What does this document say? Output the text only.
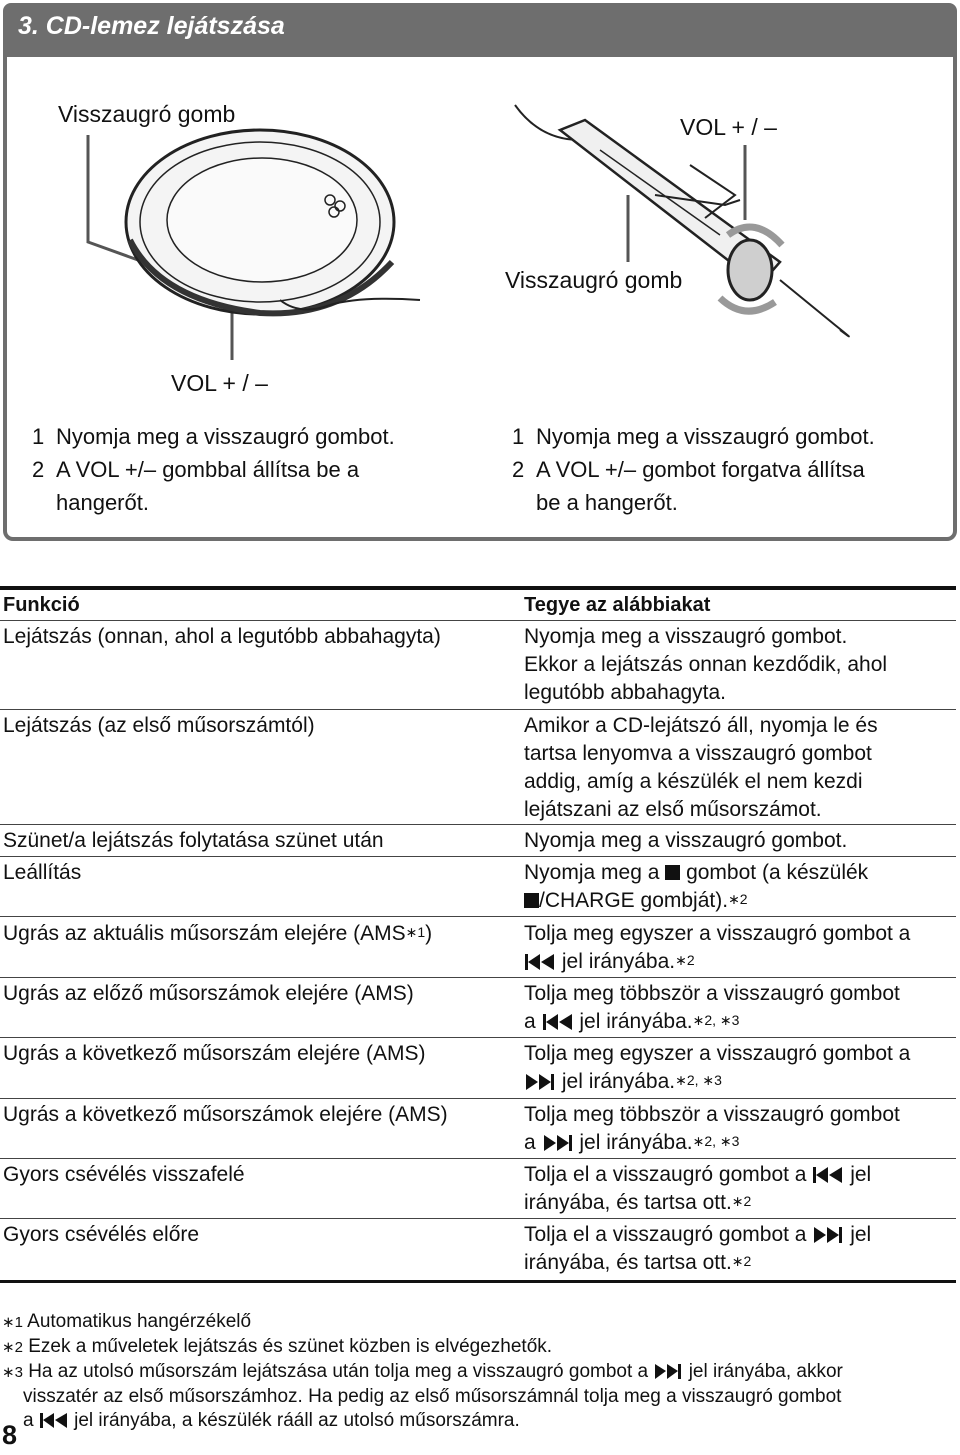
3. CD-lemez lejátszása
Visszaugró gomb
VOL + / –
VOL + / –
Visszaugró gomb
1 Nyomja meg a visszaugró gombot.
2 A VOL +/– gombbal állítsa be a
hangerőt.
1 Nyomja meg a visszaugró gombot.
2 A VOL +/– gombot forgatva állítsa
be a hangerőt.
Funkció	Tegye az alábbiakat
Lejátszás (onnan, ahol a legutóbb abbahagyta)	Nyomja meg a visszaugró gombot.
Ekkor a lejátszás onnan kezdődik, ahol
legutóbb abbahagyta.
Lejátszás (az első műsorszámtól)	Amikor a CD-lejátszó áll, nyomja le és
tartsa lenyomva a visszaugró gombot
addig, amíg a készülék el nem kezdi
lejátszani az első műsorszámot.
Szünet/a lejátszás folytatása szünet után	Nyomja meg a visszaugró gombot.
Leállítás	Nyomja meg a gombot (a készülék
/CHARGE gombját).$^{∗2}$
Ugrás az aktuális műsorszám elejére $(AMS^{∗1})$	Tolja meg egyszer a visszaugró gombot a
jel irányába.$^{∗2}$
Ugrás az előző műsorszámok elejére (AMS)	Tolja meg többször a visszaugró gombot
a jel irányába.$^{∗2, ∗3}$
Ugrás a következő műsorszám elejére (AMS)	Tolja meg egyszer a visszaugró gombot a
jel irányába.$^{∗2, ∗3}$
Ugrás a következő műsorszámok elejére (AMS)	Tolja meg többször a visszaugró gombot
a jel irányába.$^{∗2, ∗3}$
Gyors csévélés visszafelé	Tolja el a visszaugró gombot a jel
irányába, és tartsa ott.$^{∗2}$
Gyors csévélés előre	Tolja el a visszaugró gombot a jel
irányába, és tartsa ott.$^{∗2}$
∗1 Automatikus hangérzékelő
∗2 Ezek a műveletek lejátszás és szünet közben is elvégezhetők.
∗3 Ha az utolsó műsorszám lejátszása után tolja meg a visszaugró gombot a jel irányába, akkor
visszatér az első műsorszámhoz. Ha pedig az első műsorszámnál tolja meg a visszaugró gombot
a jel irányába, a készülék rááll az utolsó műsorszámra.
8
